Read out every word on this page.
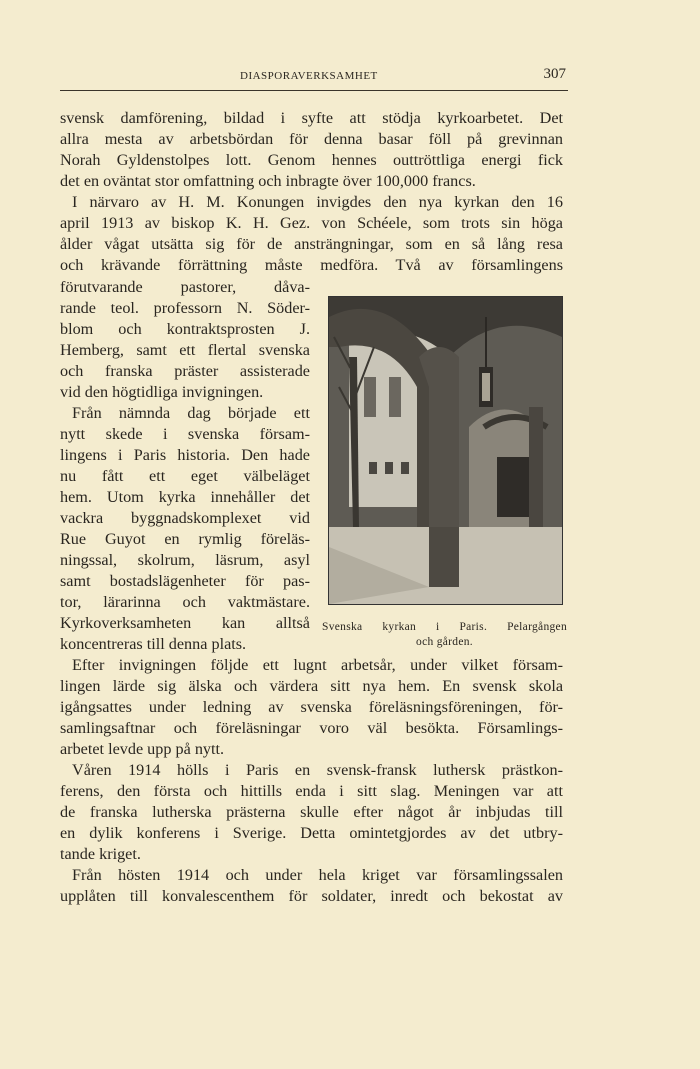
DIASPORAVERKSAMHET	307
svensk damförening, bildad i syfte att stödja kyrkoarbetet. Det
allra mesta av arbetsbördan för denna basar föll på grevinnan
Norah Gyldenstolpes lott. Genom hennes outtröttliga energi fick
det en oväntat stor omfattning och inbragte över 100,000 francs.
I närvaro av H. M. Konungen invigdes den nya kyrkan den 16
april 1913 av biskop K. H. Gez. von Schéele, som trots sin höga
ålder vågat utsätta sig för de ansträngningar, som en så lång resa
och krävande förrättning måste medföra. Två av församlingens
förutvarande pastorer, dåva-
rande teol. professorn N. Söder-
blom och kontraktsprosten J.
Hemberg, samt ett flertal svenska
och franska präster assisterade
vid den högtidliga invigningen.
Från nämnda dag började ett
nytt skede i svenska försam-
lingens i Paris historia. Den hade
nu fått ett eget välbeläget
hem. Utom kyrka innehåller det
vackra byggnadskomplexet vid
Rue Guyot en rymlig föreläs-
ningssal, skolrum, läsrum, asyl
samt bostadslägenheter för pas-
tor, lärarinna och vaktmästare.
Kyrkoverksamheten kan alltså
koncentreras till denna plats.
Efter invigningen följde ett lugnt arbetsår, under vilket försam-
lingen lärde sig älska och värdera sitt nya hem. En svensk skola
igångsattes under ledning av svenska föreläsningsföreningen, för-
samlingsaftnar och föreläsningar voro väl besökta. Församlings-
arbetet levde upp på nytt.
Våren 1914 hölls i Paris en svensk-fransk luthersk prästkon-
ferens, den första och hittills enda i sitt slag. Meningen var att
de franska lutherska prästerna skulle efter något år inbjudas till
en dylik konferens i Sverige. Detta omintetgjordes av det utbry-
tande kriget.
Från hösten 1914 och under hela kriget var församlingssalen
upplåten till konvalescenthem för soldater, inredt och bekostat av
Svenska kyrkan i Paris. Pelargången
och gården.
